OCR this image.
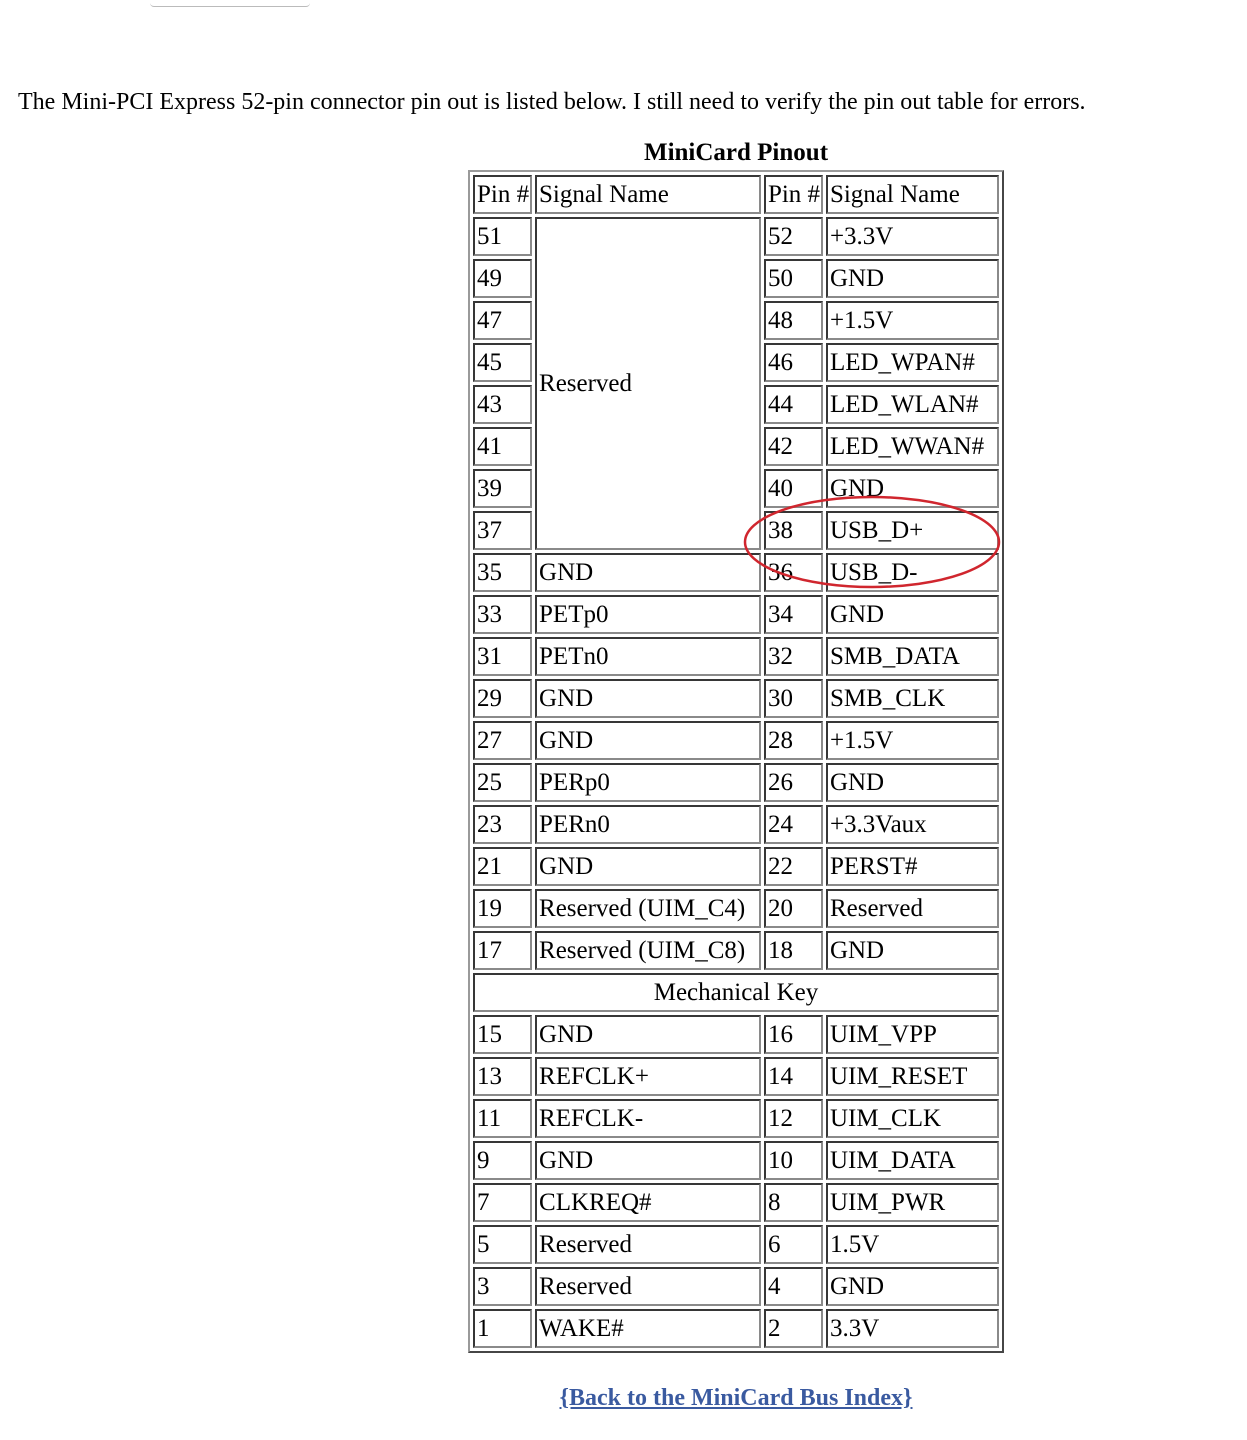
The Mini-PCI Express 52-pin connector pin out is listed below. I still need to verify the pin out table for errors.
MiniCard Pinout
Pin #	Signal Name	Pin #	Signal Name
51	Reserved	52	+3.3V
49		50	GND
47		48	+1.5V
45		46	LED_WPAN#
43		44	LED_WLAN#
41		42	LED_WWAN#
39		40	GND
37		38	USB_D+
35	GND	36	USB_D-
33	PETp0	34	GND
31	PETn0	32	SMB_DATA
29	GND	30	SMB_CLK
27	GND	28	+1.5V
25	PERp0	26	GND
23	PERn0	24	+3.3Vaux
21	GND	22	PERST#
19	Reserved (UIM_C4)	20	Reserved
17	Reserved (UIM_C8)	18	GND
Mechanical Key			
15	GND	16	UIM_VPP
13	REFCLK+	14	UIM_RESET
11	REFCLK-	12	UIM_CLK
9	GND	10	UIM_DATA
7	CLKREQ#	8	UIM_PWR
5	Reserved	6	1.5V
3	Reserved	4	GND
1	WAKE#	2	3.3V
{Back to the MiniCard Bus Index}
